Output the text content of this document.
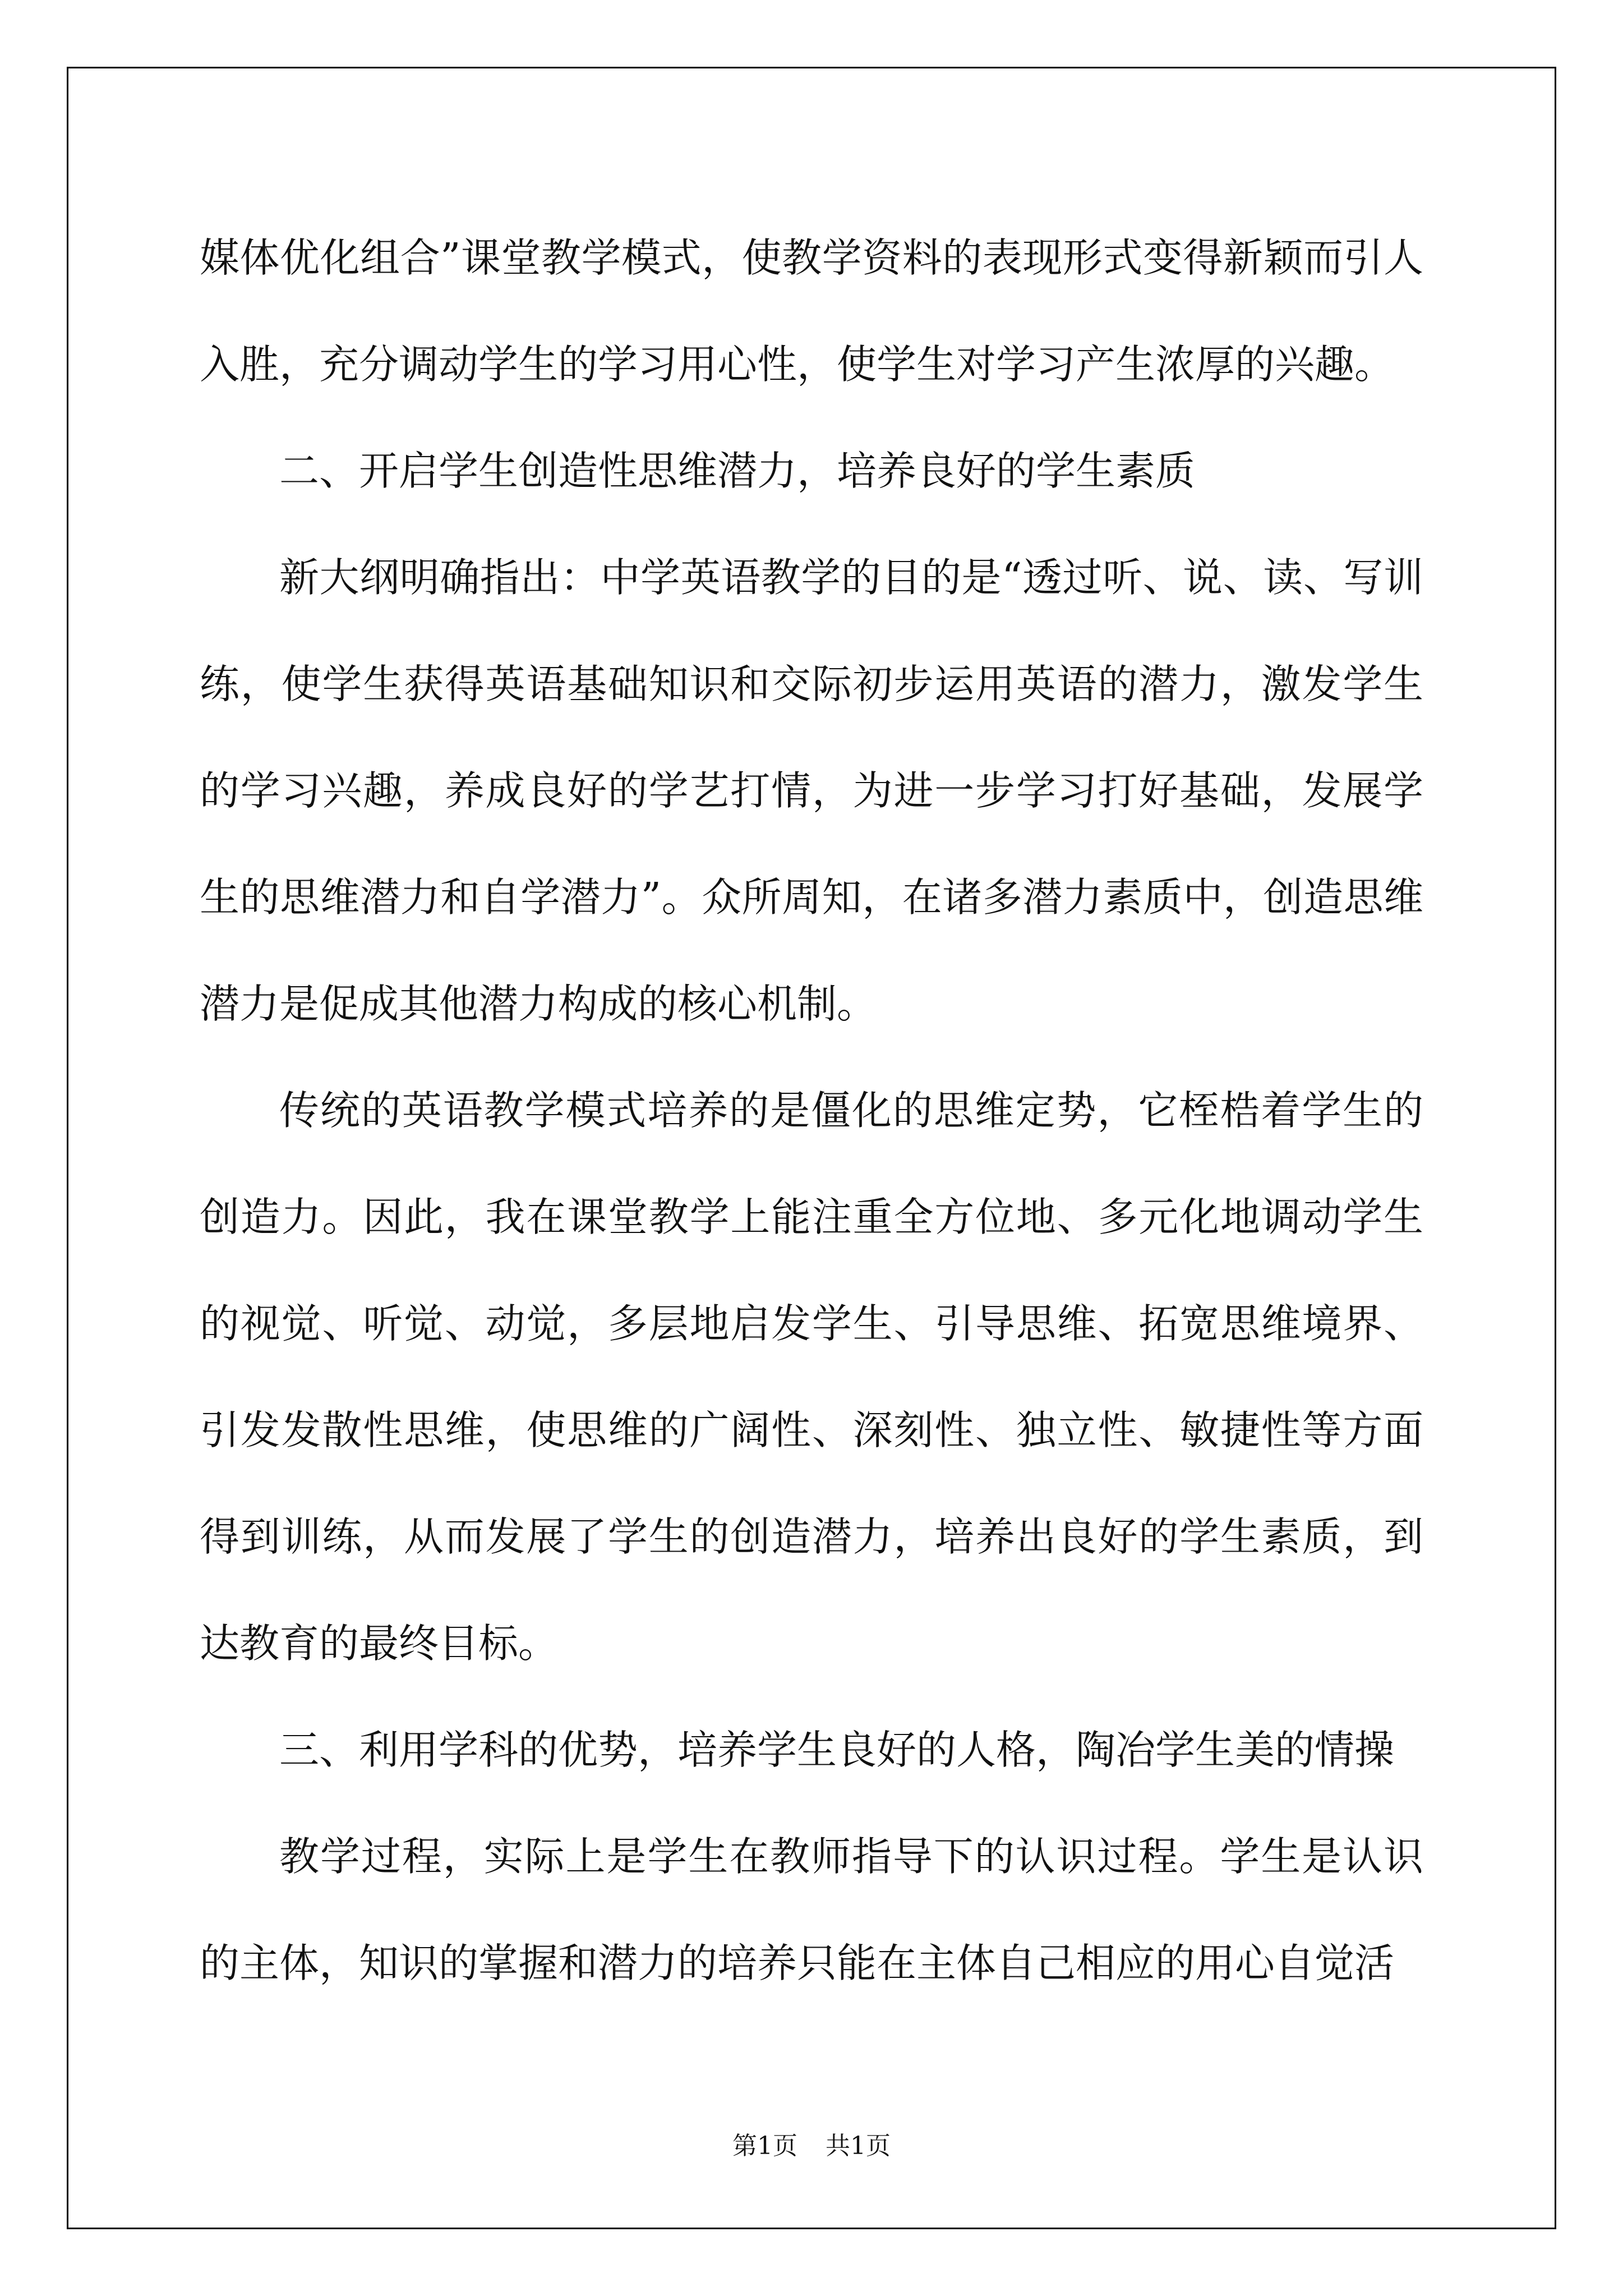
媒体优化组合”课堂教学模式，使教学资料的表现形式变得新颖而引人入胜，充分调动学生的学习用心性，使学生对学习产生浓厚的兴趣。

二、开启学生创造性思维潜力，培养良好的学生素质

新大纲明确指出：中学英语教学的目的是“透过听、说、读、写训练，使学生获得英语基础知识和交际初步运用英语的潜力，激发学生的学习兴趣，养成良好的学艺打情，为进一步学习打好基础，发展学生的思维潜力和自学潜力”。众所周知，在诸多潜力素质中，创造思维潜力是促成其他潜力构成的核心机制。

传统的英语教学模式培养的是僵化的思维定势，它桎梏着学生的创造力。因此，我在课堂教学上能注重全方位地、多元化地调动学生的视觉、听觉、动觉，多层地启发学生、引导思维、拓宽思维境界、引发发散性思维，使思维的广阔性、深刻性、独立性、敏捷性等方面得到训练，从而发展了学生的创造潜力，培养出良好的学生素质，到达教育的最终目标。

三、利用学科的优势，培养学生良好的人格，陶冶学生美的情操

教学过程，实际上是学生在教师指导下的认识过程。学生是认识的主体，知识的掌握和潜力的培养只能在主体自己相应的用心自觉活

第1页 共1页
